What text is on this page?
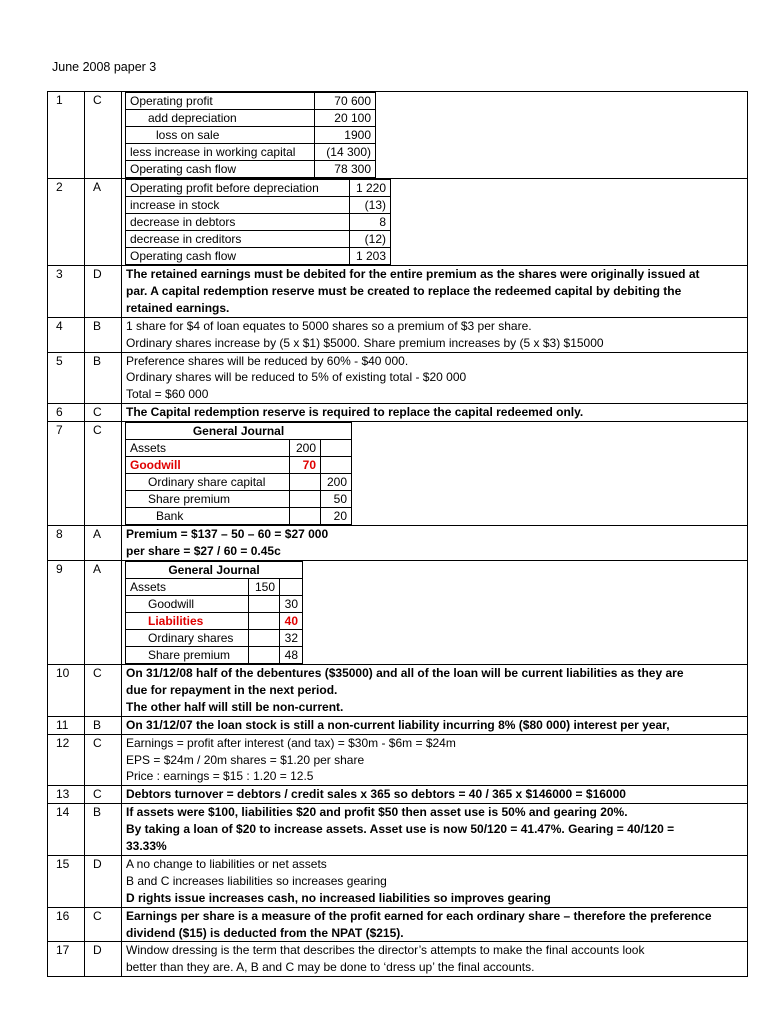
June 2008 paper 3
1	C	Operating profit	70 600
add depreciation	20 100
loss on sale	1900
less increase in working capital	(14 300)
Operating cash flow	78 300

2	A	Operating profit before depreciation	1 220
increase in stock	(13)
decrease in debtors	8
decrease in creditors	(12)
Operating cash flow	1 203

3	D	The retained earnings must be debited for the entire premium as the shares were originally issued at
par. A capital redemption reserve must be created to replace the redeemed capital by debiting the
retained earnings.

4	B	1 share for $4 of loan equates to 5000 shares so a premium of $3 per share.
Ordinary shares increase by (5 x $1) $5000. Share premium increases by (5 x $3) $15000

5	B	Preference shares will be reduced by 60% - $40 000.
Ordinary shares will be reduced to 5% of existing total - $20 000
Total = $60 000

6	C	The Capital redemption reserve is required to replace the capital redeemed only.

7	C		General Journal
Assets	200	
Goodwill	70	
Ordinary share capital		200
Share premium		50
Bank		20

8	A	Premium = $137 – 50 – 60 = $27 000
per share = $27 / 60 = 0.45c

9	A		General Journal
Assets	150	
Goodwill		30
Liabilities		40
Ordinary shares		32
Share premium		48

10	C	On 31/12/08 half of the debentures ($35000) and all of the loan will be current liabilities as they are
due for repayment in the next period.
The other half will still be non-current.

11	B	On 31/12/07 the loan stock is still a non-current liability incurring 8% ($80 000) interest per year,

12	C	Earnings = profit after interest (and tax) = $30m - $6m = $24m
EPS = $24m / 20m shares = $1.20 per share
Price : earnings = $15 : 1.20 = 12.5

13	C	Debtors turnover = debtors / credit sales x 365 so debtors = 40 / 365 x $146000 = $16000

14	B	If assets were $100, liabilities $20 and profit $50 then asset use is 50% and gearing 20%.
By taking a loan of $20 to increase assets. Asset use is now 50/120 = 41.47%. Gearing = 40/120 =
33.33%

15	D	A no change to liabilities or net assets
B and C increases liabilities so increases gearing
D rights issue increases cash, no increased liabilities so improves gearing

16	C	Earnings per share is a measure of the profit earned for each ordinary share – therefore the preference
dividend ($15) is deducted from the NPAT ($215).

17	D	Window dressing is the term that describes the director’s attempts to make the final accounts look
better than they are. A, B and C may be done to ‘dress up’ the final accounts.
